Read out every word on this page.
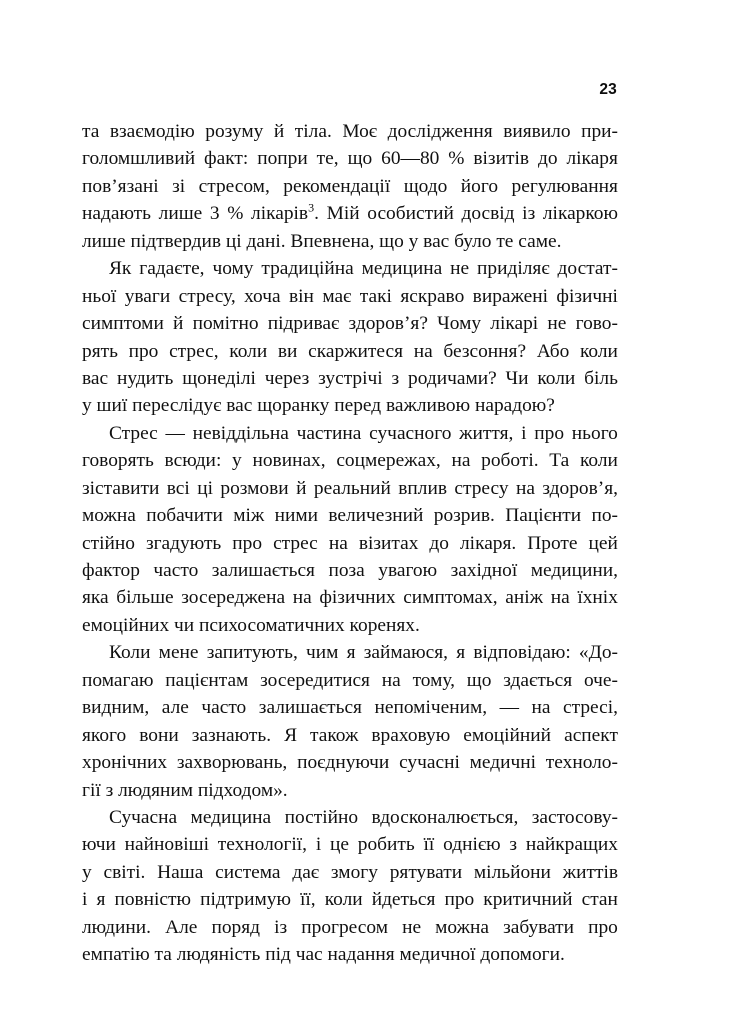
23

та взаємодію розуму й тіла. Моє дослідження виявило при-
голомшливий факт: попри те, що 60—80 % візитів до лікаря
пов’язані зі стресом, рекомендації щодо його регулювання
надають лише 3 % лікарів$^3$. Мій особистий досвід із лікаркою
лише підтвердив ці дані. Впевнена, що у вас було те саме.

Як гадаєте, чому традиційна медицина не приділяє достат-
ньої уваги стресу, хоча він має такі яскраво виражені фізичні
симптоми й помітно підриває здоров’я? Чому лікарі не гово-
рять про стрес, коли ви скаржитеся на безсоння? Або коли
вас нудить щонеділі через зустрічі з родичами? Чи коли біль
у шиї переслідує вас щоранку перед важливою нарадою?

Стрес — невіддільна частина сучасного життя, і про нього
говорять всюди: у новинах, соцмережах, на роботі. Та коли
зіставити всі ці розмови й реальний вплив стресу на здоров’я,
можна побачити між ними величезний розрив. Пацієнти по-
стійно згадують про стрес на візитах до лікаря. Проте цей
фактор часто залишається поза увагою західної медицини,
яка більше зосереджена на фізичних симптомах, аніж на їхніх
емоційних чи психосоматичних коренях.

Коли мене запитують, чим я займаюся, я відповідаю: «До-
помагаю пацієнтам зосередитися на тому, що здається оче-
видним, але часто залишається непоміченим, — на стресі,
якого вони зазнають. Я також враховую емоційний аспект
хронічних захворювань, поєднуючи сучасні медичні техноло-
гії з людяним підходом».

Сучасна медицина постійно вдосконалюється, застосову-
ючи найновіші технології, і це робить її однією з найкращих
у світі. Наша система дає змогу рятувати мільйони життів
і я повністю підтримую її, коли йдеться про критичний стан
людини. Але поряд із прогресом не можна забувати про
емпатію та людяність під час надання медичної допомоги.
